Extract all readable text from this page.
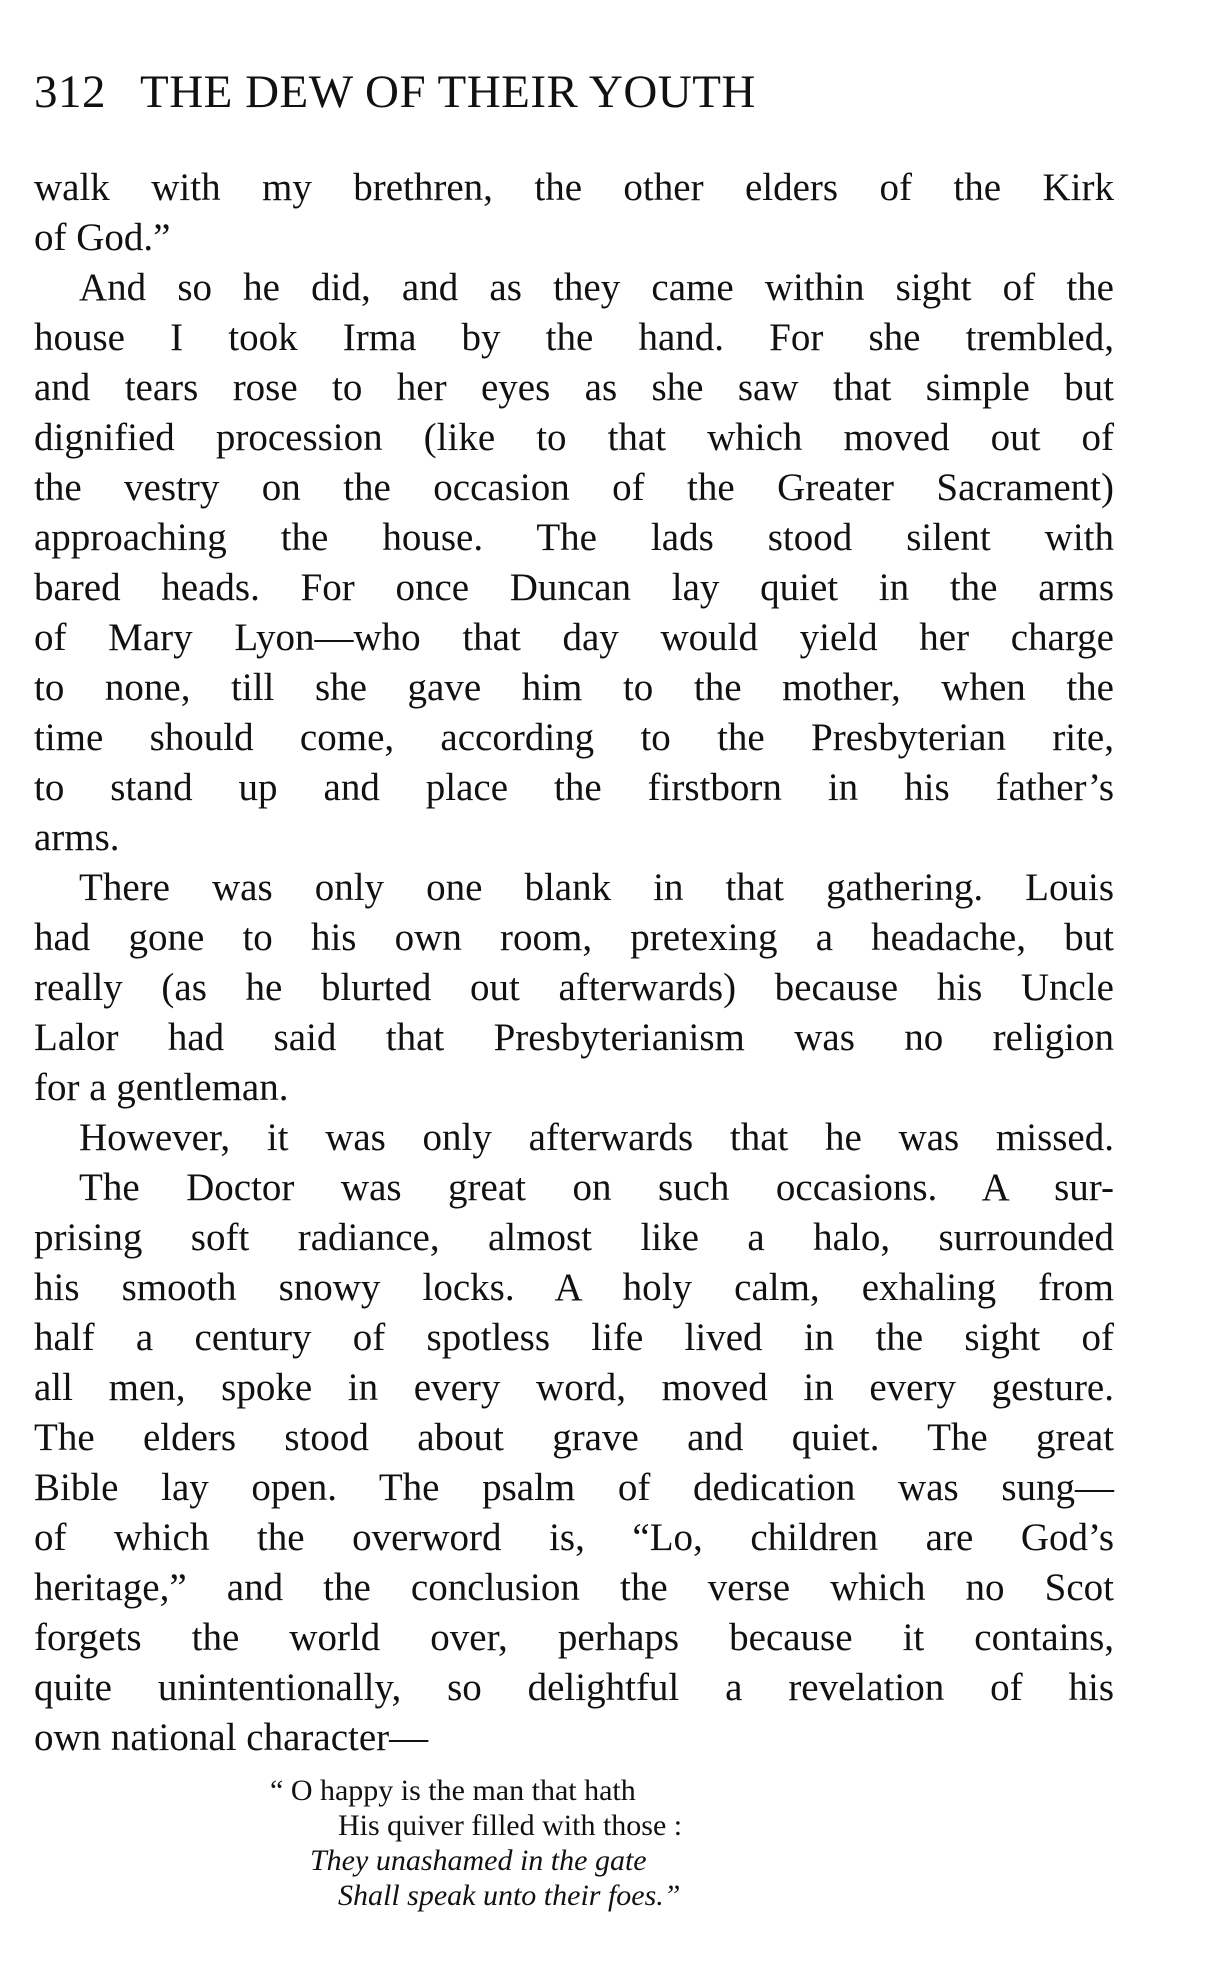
312 THE DEW OF THEIR YOUTH
walk with my brethren, the other elders of the Kirk
of God.”
And so he did, and as they came within sight of the
house I took Irma by the hand. For she trembled,
and tears rose to her eyes as she saw that simple but
dignified procession (like to that which moved out of
the vestry on the occasion of the Greater Sacrament)
approaching the house. The lads stood silent with
bared heads. For once Duncan lay quiet in the arms
of Mary Lyon—who that day would yield her charge
to none, till she gave him to the mother, when the
time should come, according to the Presbyterian rite,
to stand up and place the firstborn in his father’s
arms.
There was only one blank in that gathering. Louis
had gone to his own room, pretexing a headache, but
really (as he blurted out afterwards) because his Uncle
Lalor had said that Presbyterianism was no religion
for a gentleman.
However, it was only afterwards that he was missed.
The Doctor was great on such occasions. A sur-
prising soft radiance, almost like a halo, surrounded
his smooth snowy locks. A holy calm, exhaling from
half a century of spotless life lived in the sight of
all men, spoke in every word, moved in every gesture.
The elders stood about grave and quiet. The great
Bible lay open. The psalm of dedication was sung—
of which the overword is, “Lo, children are God’s
heritage,” and the conclusion the verse which no Scot
forgets the world over, perhaps because it contains,
quite unintentionally, so delightful a revelation of his
own national character—
“ O happy is the man that hath
His quiver filled with those :
They unashamed in the gate
Shall speak unto their foes.”
